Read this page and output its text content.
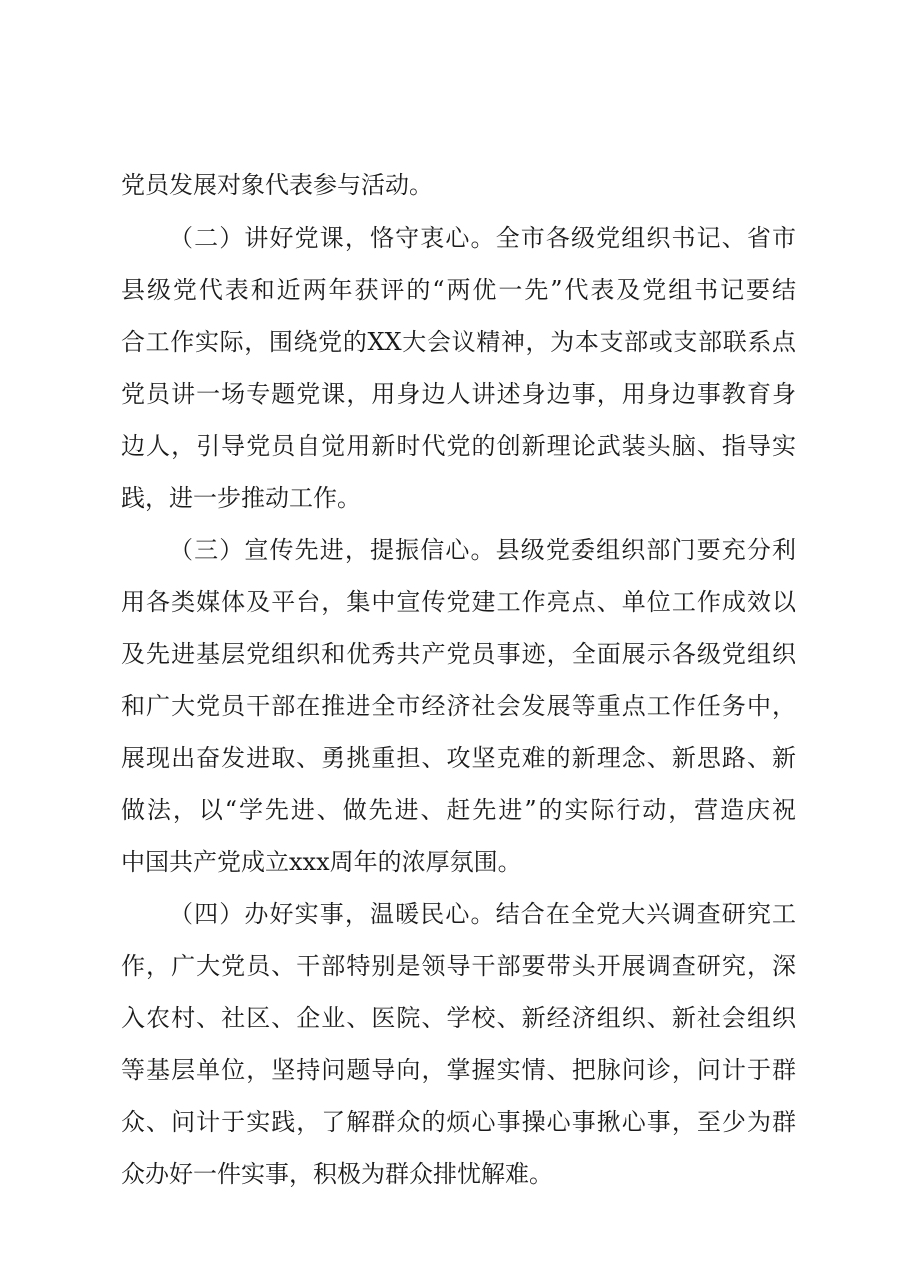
党员发展对象代表参与活动。
（二）讲好党课，恪守衷心。全市各级党组织书记、省市
县级党代表和近两年获评的“两优一先”代表及党组书记要结
合工作实际，围绕党的XX大会议精神，为本支部或支部联系点
党员讲一场专题党课，用身边人讲述身边事，用身边事教育身
边人，引导党员自觉用新时代党的创新理论武装头脑、指导实
践，进一步推动工作。
（三）宣传先进，提振信心。县级党委组织部门要充分利
用各类媒体及平台，集中宣传党建工作亮点、单位工作成效以
及先进基层党组织和优秀共产党员事迹，全面展示各级党组织
和广大党员干部在推进全市经济社会发展等重点工作任务中，
展现出奋发进取、勇挑重担、攻坚克难的新理念、新思路、新
做法，以“学先进、做先进、赶先进”的实际行动，营造庆祝
中国共产党成立xxx周年的浓厚氛围。
（四）办好实事，温暖民心。结合在全党大兴调查研究工
作，广大党员、干部特别是领导干部要带头开展调查研究，深
入农村、社区、企业、医院、学校、新经济组织、新社会组织
等基层单位，坚持问题导向，掌握实情、把脉问诊，问计于群
众、问计于实践，了解群众的烦心事操心事揪心事，至少为群
众办好一件实事，积极为群众排忧解难。
